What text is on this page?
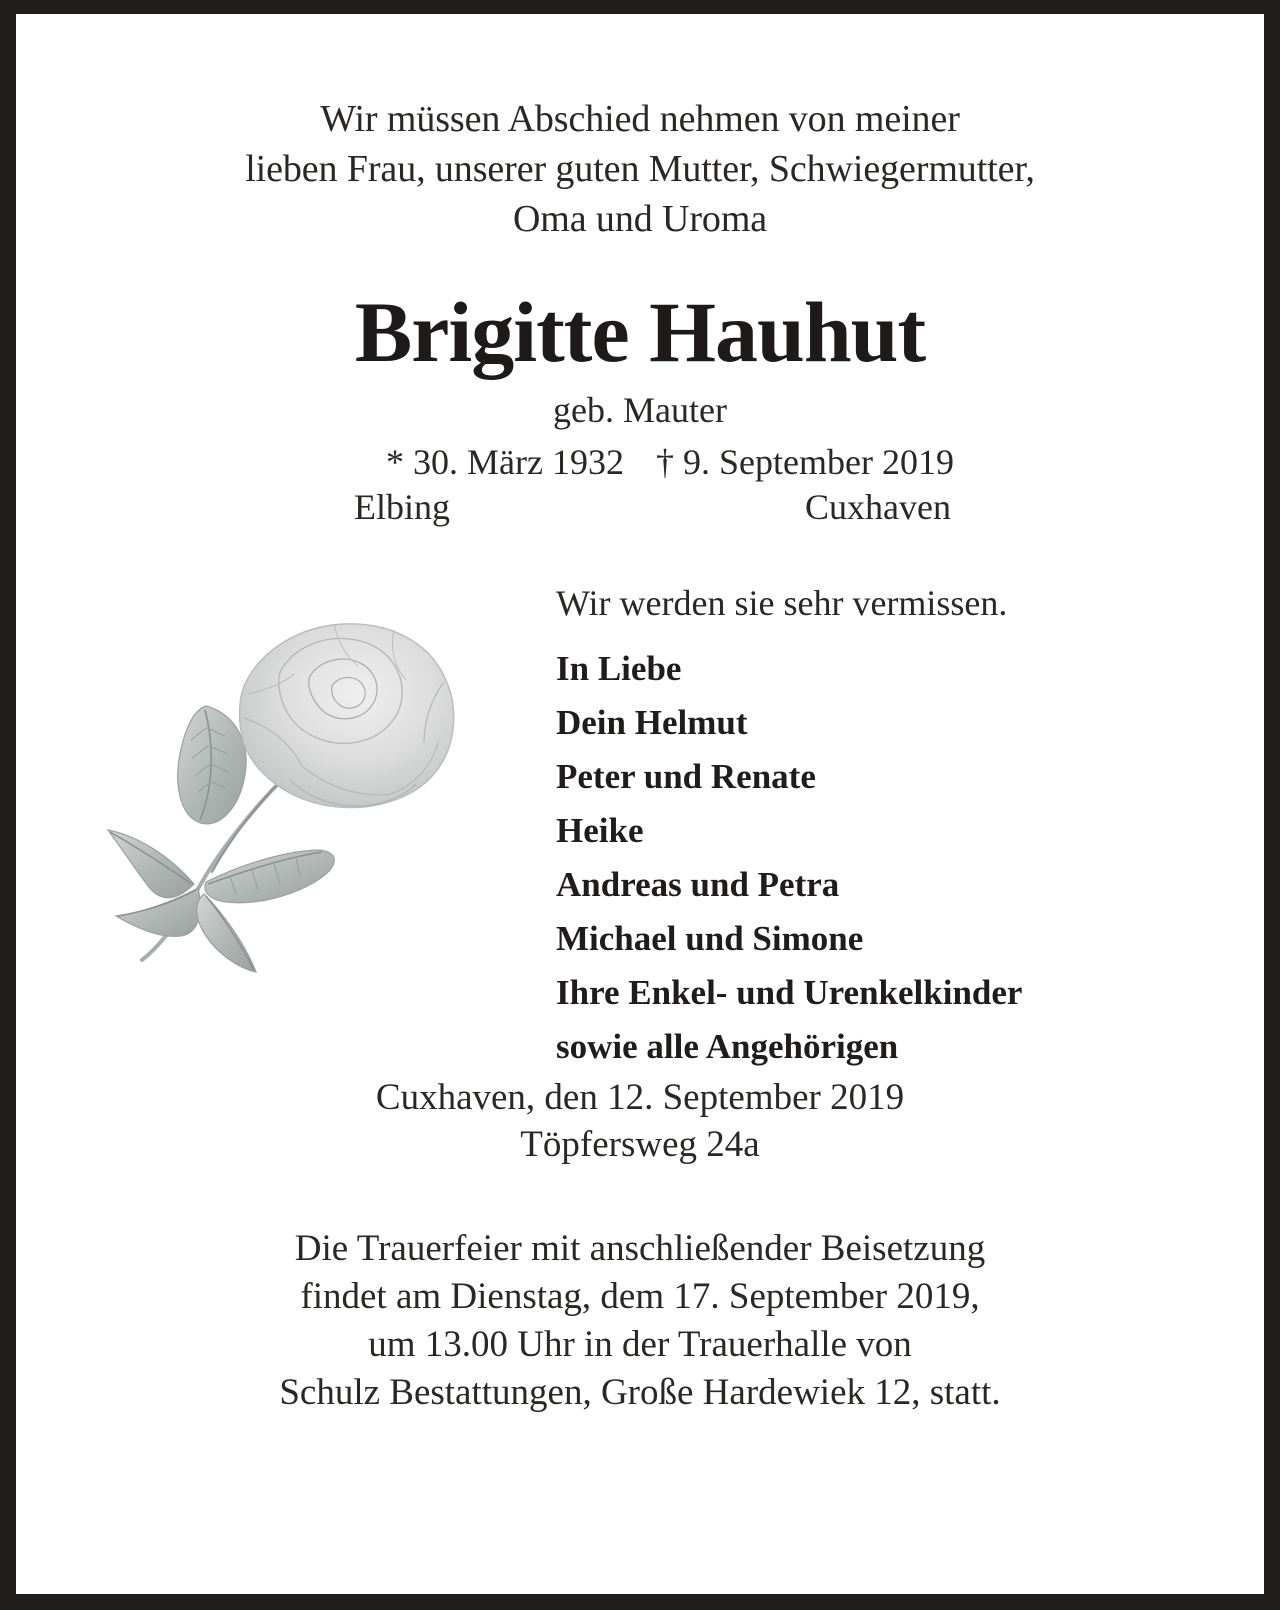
Wir müssen Abschied nehmen von meiner
lieben Frau, unserer guten Mutter, Schwiegermutter,
Oma und Uroma
Brigitte Hauhut
geb. Mauter
* 30. März 1932 † 9. September 2019
Elbing	Cuxhaven
Wir werden sie sehr vermissen.
In Liebe
Dein Helmut
Peter und Renate
Heike
Andreas und Petra
Michael und Simone
Ihre Enkel- und Urenkelkinder
sowie alle Angehörigen
Cuxhaven, den 12. September 2019
Töpfersweg 24a
Die Trauerfeier mit anschließender Beisetzung
findet am Dienstag, dem 17. September 2019,
um 13.00 Uhr in der Trauerhalle von
Schulz Bestattungen, Große Hardewiek 12, statt.
